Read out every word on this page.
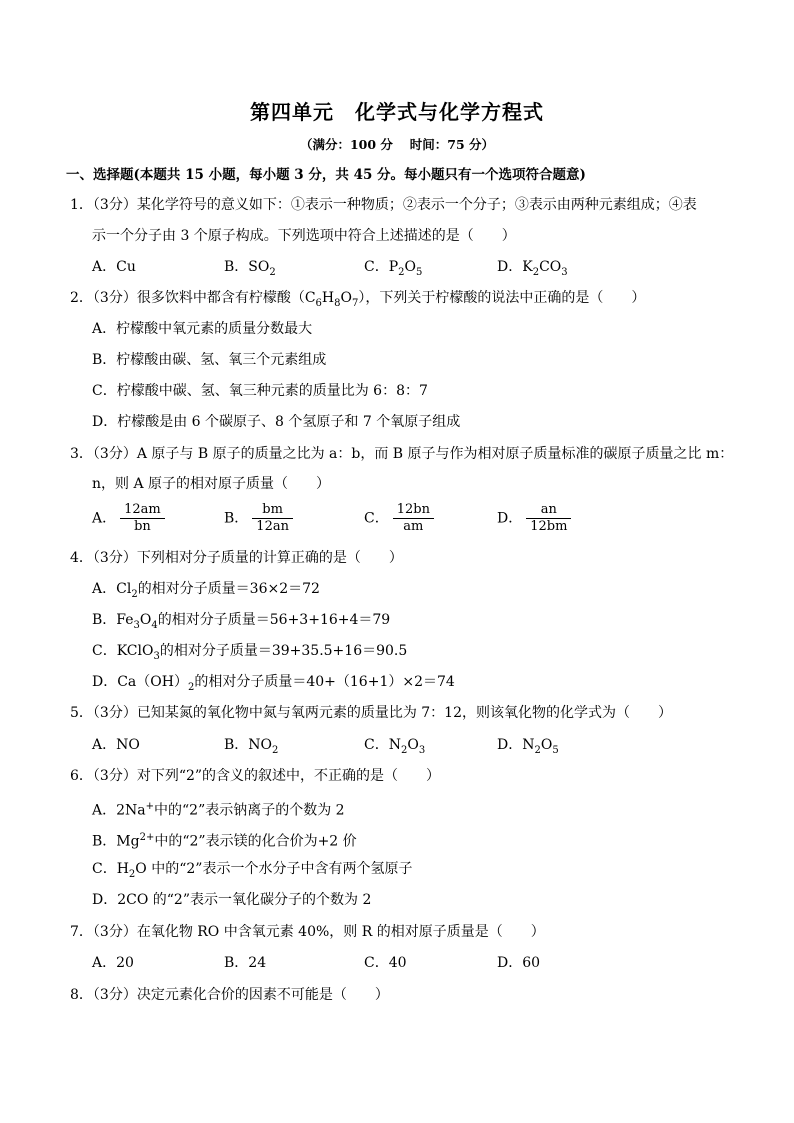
第四单元　化学式与化学方程式
（满分：100 分　 时间：75 分）
一、选择题(本题共 15 小题，每小题 3 分，共 45 分。每小题只有一个选项符合题意)
1．（3分）某化学符号的意义如下：①表示一种物质；②表示一个分子；③表示由两种元素组成；④表
示一个分子由 3 个原子构成。下列选项中符合上述描述的是（　　）
A．Cu	B．$SO_2$	C．$P_2O_5$	D．$K_2CO_3$
2．（3分）很多饮料中都含有柠檬酸$(C_6H_8O_7)$，下列关于柠檬酸的说法中正确的是（　　）
A．柠檬酸中氧元素的质量分数最大
B．柠檬酸由碳、氢、氧三个元素组成
C．柠檬酸中碳、氢、氧三种元素的质量比为 6：8：7
D．柠檬酸是由 6 个碳原子、8 个氢原子和 7 个氧原子组成
3．（3分）A 原子与 B 原子的质量之比为 a：b，而 B 原子与作为相对原子质量标准的碳原子质量之比 m：
n，则 A 原子的相对原子质量（　　）
A． $\frac{12am}{bn}$	B． $\frac{bm}{12an}$	C． $\frac{12bn}{am}$	D． $\frac{an}{12bm}$
4．（3分）下列相对分子质量的计算正确的是（　　）
A．$Cl_2$的相对分子质量＝36×2＝72
B．$Fe_3O_4$的相对分子质量＝56+3+16+4＝79
C．KClO$_3$的相对分子质量＝39+35.5+16＝90.5
D．$Ca(OH)_2$的相对分子质量＝40+（16+1）×2＝74
5．（3分）已知某氮的氧化物中氮与氧两元素的质量比为 7：12，则该氧化物的化学式为（　　）
A．NO	B．$NO_2$	C．$N_2O_3$	D．$N_2O_5$
6．（3分）对下列“2”的含义的叙述中，不正确的是（　　）
A．2Na+中的“2”表示钠离子的个数为 2
B．$Mg^{2+}$中的“2”表示镁的化合价为+2 价
C．$H_2O$ 中的“2”表示一个水分子中含有两个氢原子
D．2CO 的“2”表示一氧化碳分子的个数为 2
7．（3分）在氧化物 RO 中含氧元素 40%，则 R 的相对原子质量是（　　）
A．20	B．24	C．40	D．60
8．（3分）决定元素化合价的因素不可能是（　　）
